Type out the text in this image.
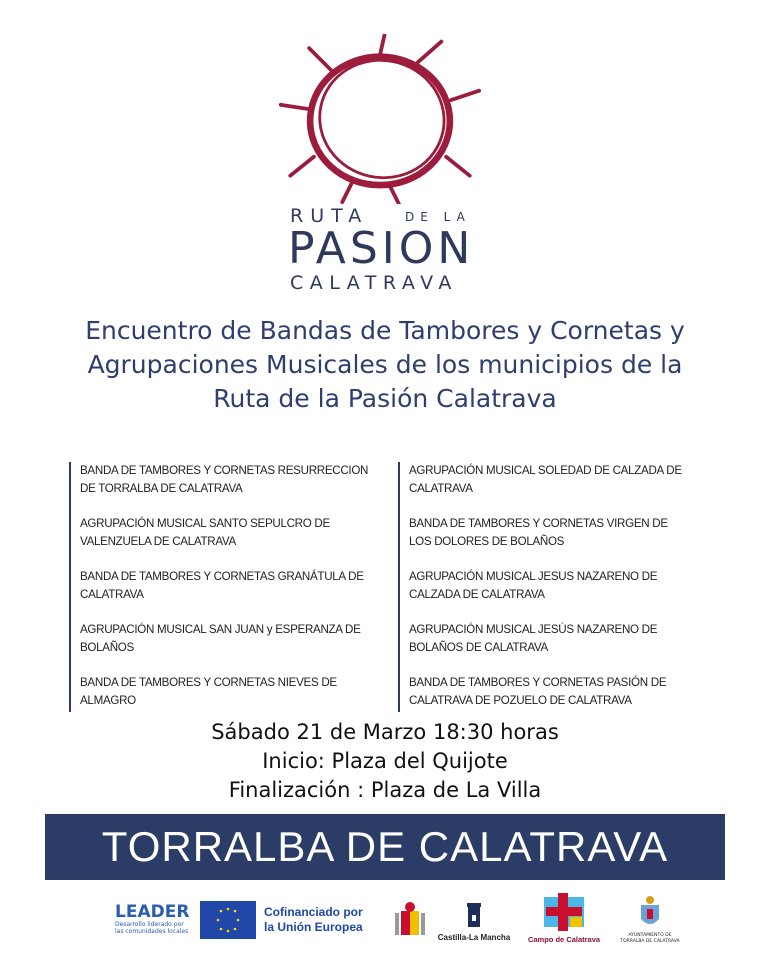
RUTA	DE LA
PASION
CALATRAVA
Encuentro de Bandas de Tambores y Cornetas y
Agrupaciones Musicales de los municipios de la
Ruta de la Pasión Calatrava
BANDA DE TAMBORES Y CORNETAS RESURRECCION
DE TORRALBA DE CALATRAVA
AGRUPACIÓN MUSICAL SANTO SEPULCRO DE
VALENZUELA DE CALATRAVA
BANDA DE TAMBORES Y CORNETAS GRANÁTULA DE
CALATRAVA
AGRUPACIÓN MUSICAL SAN JUAN y ESPERANZA DE
BOLAÑOS
BANDA DE TAMBORES Y CORNETAS NIEVES DE
ALMAGRO
AGRUPACIÓN MUSICAL SOLEDAD DE CALZADA DE
CALATRAVA
BANDA DE TAMBORES Y CORNETAS VIRGEN DE
LOS DOLORES DE BOLAÑOS
AGRUPACIÓN MUSICAL JESUS NAZARENO DE
CALZADA DE CALATRAVA
AGRUPACIÓN MUSICAL JESÚS NAZARENO DE
BOLAÑOS DE CALATRAVA
BANDA DE TAMBORES Y CORNETAS PASIÓN DE
CALATRAVA DE POZUELO DE CALATRAVA
Sábado 21 de Marzo 18:30 horas
Inicio: Plaza del Quijote
Finalización : Plaza de La Villa
TORRALBA DE CALATRAVA
LEADER
Desarrollo liderado por
las comunidades locales
Cofinanciado por
la Unión Europea
Castilla-La Mancha	Campo de Calatrava	AYUNTAMIENTO DE
TORRALBA DE CALATRAVA
